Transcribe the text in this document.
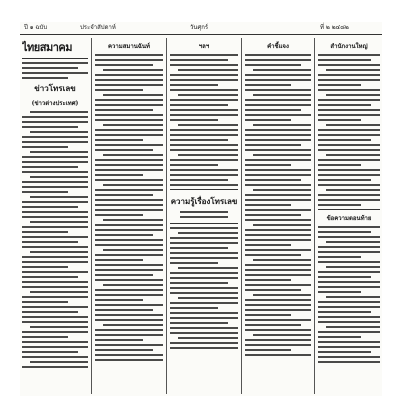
ปี ๑ ฉบับ	ประจำสัปดาห์	วันศุกร์	ที่ ๒ ๒๔๘๒
ไทยสมาคม
ข่าวโทรเลข
(ข่าวต่างประเทศ)
ความสมานฉันท์	ฯลฯ
ความรู้เรื่องโทรเลข
คำชี้แจง	สำนักงานใหญ่
ข้อความตอนท้าย
